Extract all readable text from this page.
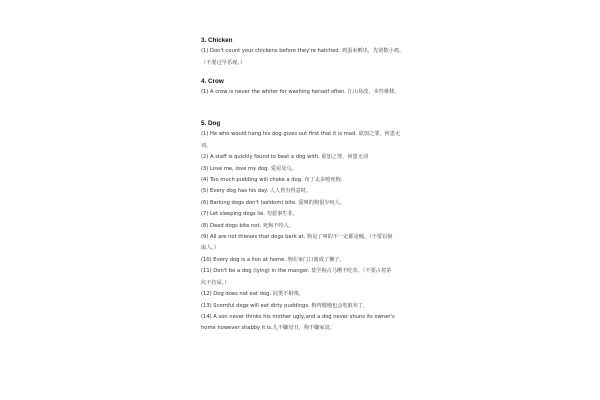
3. Chicken

(1) Don't count your chickens before they're hatched. 鸡蛋未孵出，先别数小鸡。

（不要过早乐观。）

4. Crow

(1) A crow is never the whiter for washing herself often. 江山易改，本性难移。

5. Dog

(1) He who would hang his dog gives out first that it is mad. 欲加之罪，何患无

词。

(2) A staff is quickly found to beat a dog with. 欲加之罪，何患无词

(3) Love me, love my dog. 爱屋及乌。

(4) Too much pudding will choke a dog. 布丁太多噎死狗。

(5) Every dog has his day. 人人皆有得意时。

(6) Barking dogs don't (seldom) bite. 爱叫的狗很少咬人。

(7) Let sleeping dogs lie. 勿惹事生非。

(8) Dead dogs bite not. 死狗不咬人。

(9) All are not thieves that dogs bark at. 狗见了叫的不一定都是贼。（不要以貌

取人。）

(10) Every dog is a lion at home. 狗在家门口就成了狮子。

(11) Don't be a dog (lying) in the manger. 莫学狗占马槽不吃草。（不要占着茅

坑不拉屎。）

(12) Dog does not eat dog. 同类不相残。

(13) Scornful dogs will eat dirty puddings. 狗再傲慢也会吃脏布丁。

(14) A son never thinks his mother ugly,and a dog never shuns its owner's

home however shabby it is.儿不嫌母丑，狗不嫌家贫。
